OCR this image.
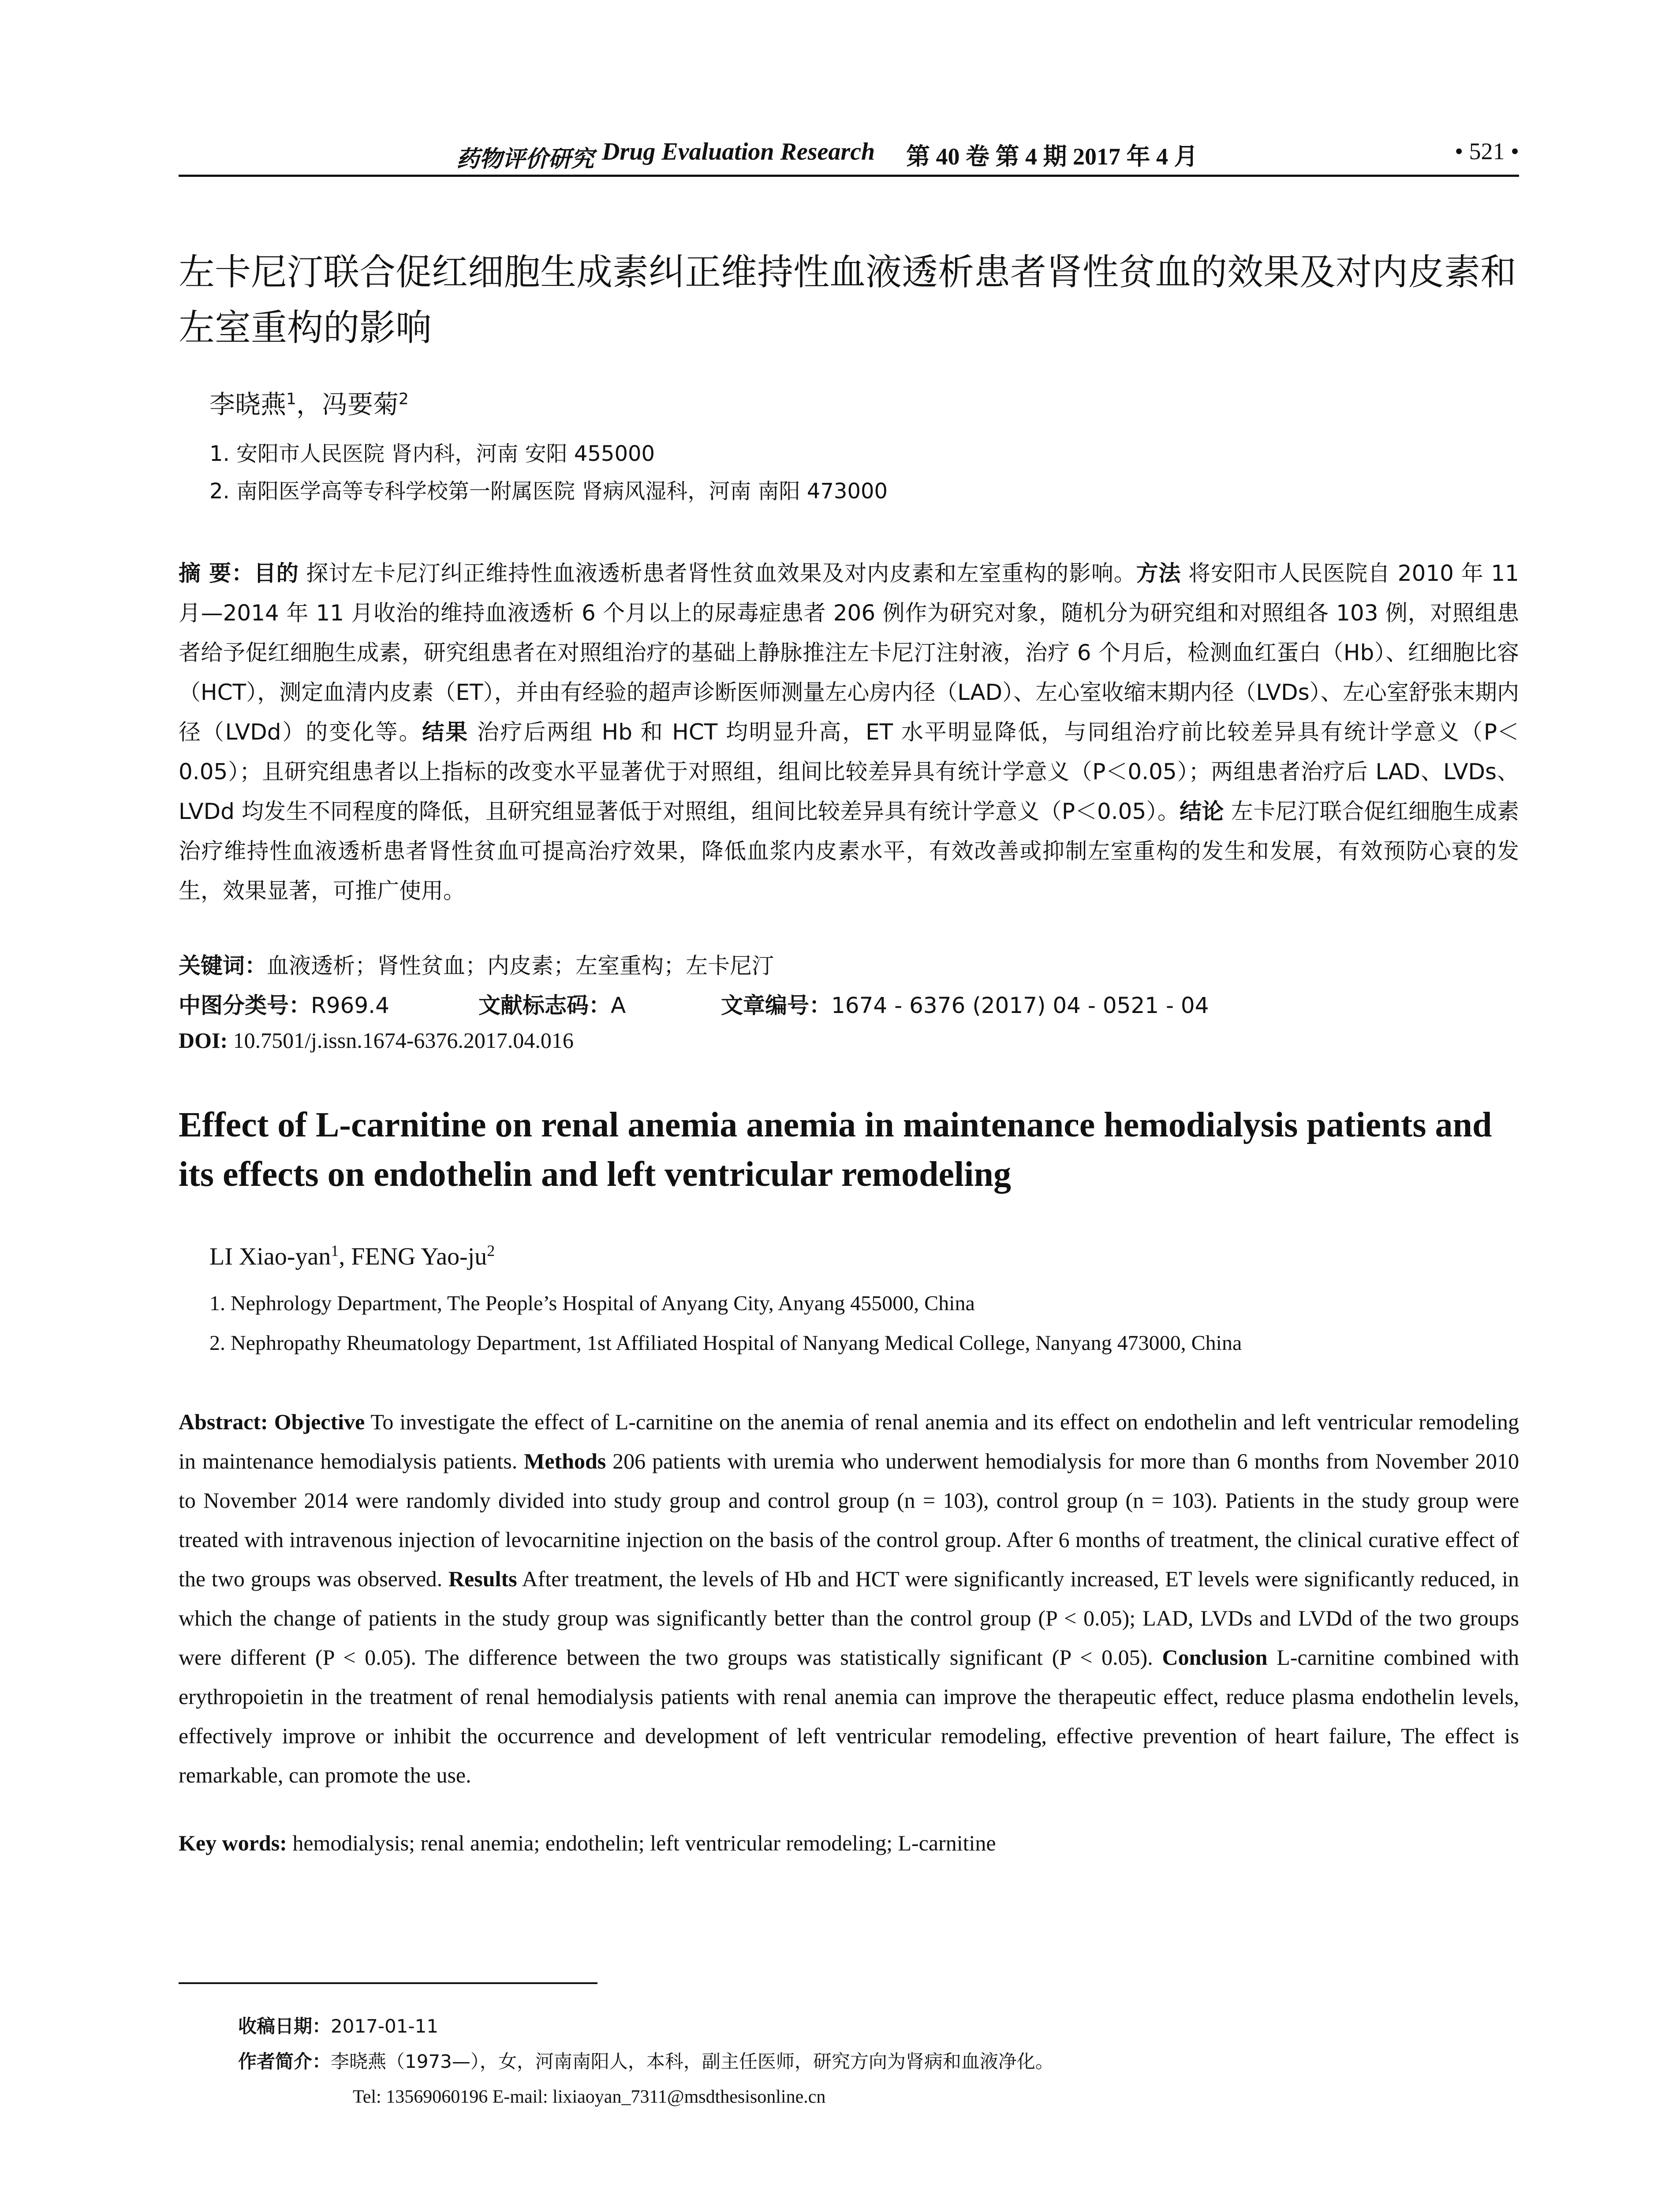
药物评价研究 Drug Evaluation Research 第 40 卷 第 4 期 2017 年 4 月	• 521 •
左卡尼汀联合促红细胞生成素纠正维持性血液透析患者肾性贫血的效果及对内皮素和左室重构的影响
李晓燕$^1$，冯要菊$^2$
1. 安阳市人民医院 肾内科，河南 安阳 455000
2. 南阳医学高等专科学校第一附属医院 肾病风湿科，河南 南阳 473000
摘 要：目的 探讨左卡尼汀纠正维持性血液透析患者肾性贫血效果及对内皮素和左室重构的影响。方法 将安阳市人民医院自 2010 年 11 月—2014 年 11 月收治的维持血液透析 6 个月以上的尿毒症患者 206 例作为研究对象，随机分为研究组和对照组各 103 例，对照组患者给予促红细胞生成素，研究组患者在对照组治疗的基础上静脉推注左卡尼汀注射液，治疗 6 个月后，检测血红蛋白（Hb）、红细胞比容（HCT），测定血清内皮素（ET），并由有经验的超声诊断医师测量左心房内径（LAD）、左心室收缩末期内径（LVDs）、左心室舒张末期内径（LVDd）的变化等。结果 治疗后两组 Hb 和 HCT 均明显升高，ET 水平明显降低，与同组治疗前比较差异具有统计学意义（P＜0.05）；且研究组患者以上指标的改变水平显著优于对照组，组间比较差异具有统计学意义（P＜0.05）；两组患者治疗后 LAD、LVDs、LVDd 均发生不同程度的降低，且研究组显著低于对照组，组间比较差异具有统计学意义（P＜0.05）。结论 左卡尼汀联合促红细胞生成素治疗维持性血液透析患者肾性贫血可提高治疗效果，降低血浆内皮素水平，有效改善或抑制左室重构的发生和发展，有效预防心衰的发生，效果显著，可推广使用。
关键词：血液透析；肾性贫血；内皮素；左室重构；左卡尼汀
中图分类号：R969.4	文献标志码：A	文章编号：1674 - 6376 (2017) 04 - 0521 - 04
DOI: 10.7501/j.issn.1674-6376.2017.04.016
Effect of L-carnitine on renal anemia anemia in maintenance hemodialysis patients and its effects on endothelin and left ventricular remodeling
LI Xiao-yan$^1$, FENG Yao-$ju^2$
1. Nephrology Department, The People’s Hospital of Anyang City, Anyang 455000, China
2. Nephropathy Rheumatology Department, 1st Affiliated Hospital of Nanyang Medical College, Nanyang 473000, China
Abstract: Objective To investigate the effect of L-carnitine on the anemia of renal anemia and its effect on endothelin and left ventricular remodeling in maintenance hemodialysis patients. Methods 206 patients with uremia who underwent hemodialysis for more than 6 months from November 2010 to November 2014 were randomly divided into study group and control group (n = 103), control group (n = 103). Patients in the study group were treated with intravenous injection of levocarnitine injection on the basis of the control group. After 6 months of treatment, the clinical curative effect of the two groups was observed. Results After treatment, the levels of Hb and HCT were significantly increased, ET levels were significantly reduced, in which the change of patients in the study group was significantly better than the control group (P < 0.05); LAD, LVDs and LVDd of the two groups were different (P < 0.05). The difference between the two groups was statistically significant (P < 0.05). Conclusion L-carnitine combined with erythropoietin in the treatment of renal hemodialysis patients with renal anemia can improve the therapeutic effect, reduce plasma endothelin levels, effectively improve or inhibit the occurrence and development of left ventricular remodeling, effective prevention of heart failure, The effect is remarkable, can promote the use.
Key words: hemodialysis; renal anemia; endothelin; left ventricular remodeling; L-carnitine
收稿日期：2017-01-11
作者简介：李晓燕（1973—），女，河南南阳人，本科，副主任医师，研究方向为肾病和血液净化。
Tel: 13569060196 E-mail: lixiaoyan_7311@msdthesisonline.cn
